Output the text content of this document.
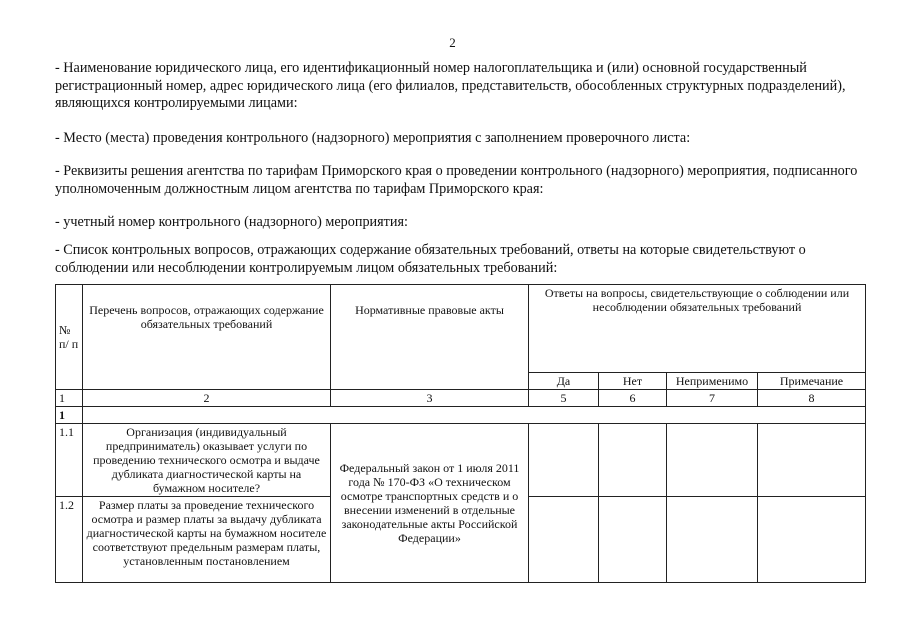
2
- Наименование юридического лица, его идентификационный номер налогоплательщика и (или) основной государственный регистрационный номер, адрес юридического лица (его филиалов, представительств, обособленных структурных подразделений), являющихся контролируемыми лицами:
- Место (места) проведения контрольного (надзорного) мероприятия с заполнением проверочного листа:
- Реквизиты решения агентства по тарифам Приморского края о проведении контрольного (надзорного) мероприятия, подписанного уполномоченным должностным лицом агентства по тарифам Приморского края:
- учетный номер контрольного (надзорного) мероприятия:
- Список контрольных вопросов, отражающих содержание обязательных требований, ответы на которые свидетельствуют о соблюдении или несоблюдении контролируемым лицом обязательных требований:
№ п/ п	Перечень вопросов, отражающих содержание обязательных требований	Нормативные правовые акты	Ответы на вопросы, свидетельствующие о соблюдении или несоблюдении обязательных требований			
			Да	Нет	Неприменимо	Примечание
1	2	3	5	6	7	8
1						
1.1	Организация (индивидуальный предприниматель) оказывает услуги по проведению технического осмотра и выдаче дубликата диагностической карты на бумажном носителе?	Федеральный закон от 1 июля 2011 года № 170-ФЗ «О техническом осмотре транспортных средств и о внесении изменений в отдельные законодательные акты Российской Федерации»				
1.2	Размер платы за проведение технического осмотра и размер платы за выдачу дубликата диагностической карты на бумажном носителе соответствуют предельным размерам платы, установленным постановлением					
